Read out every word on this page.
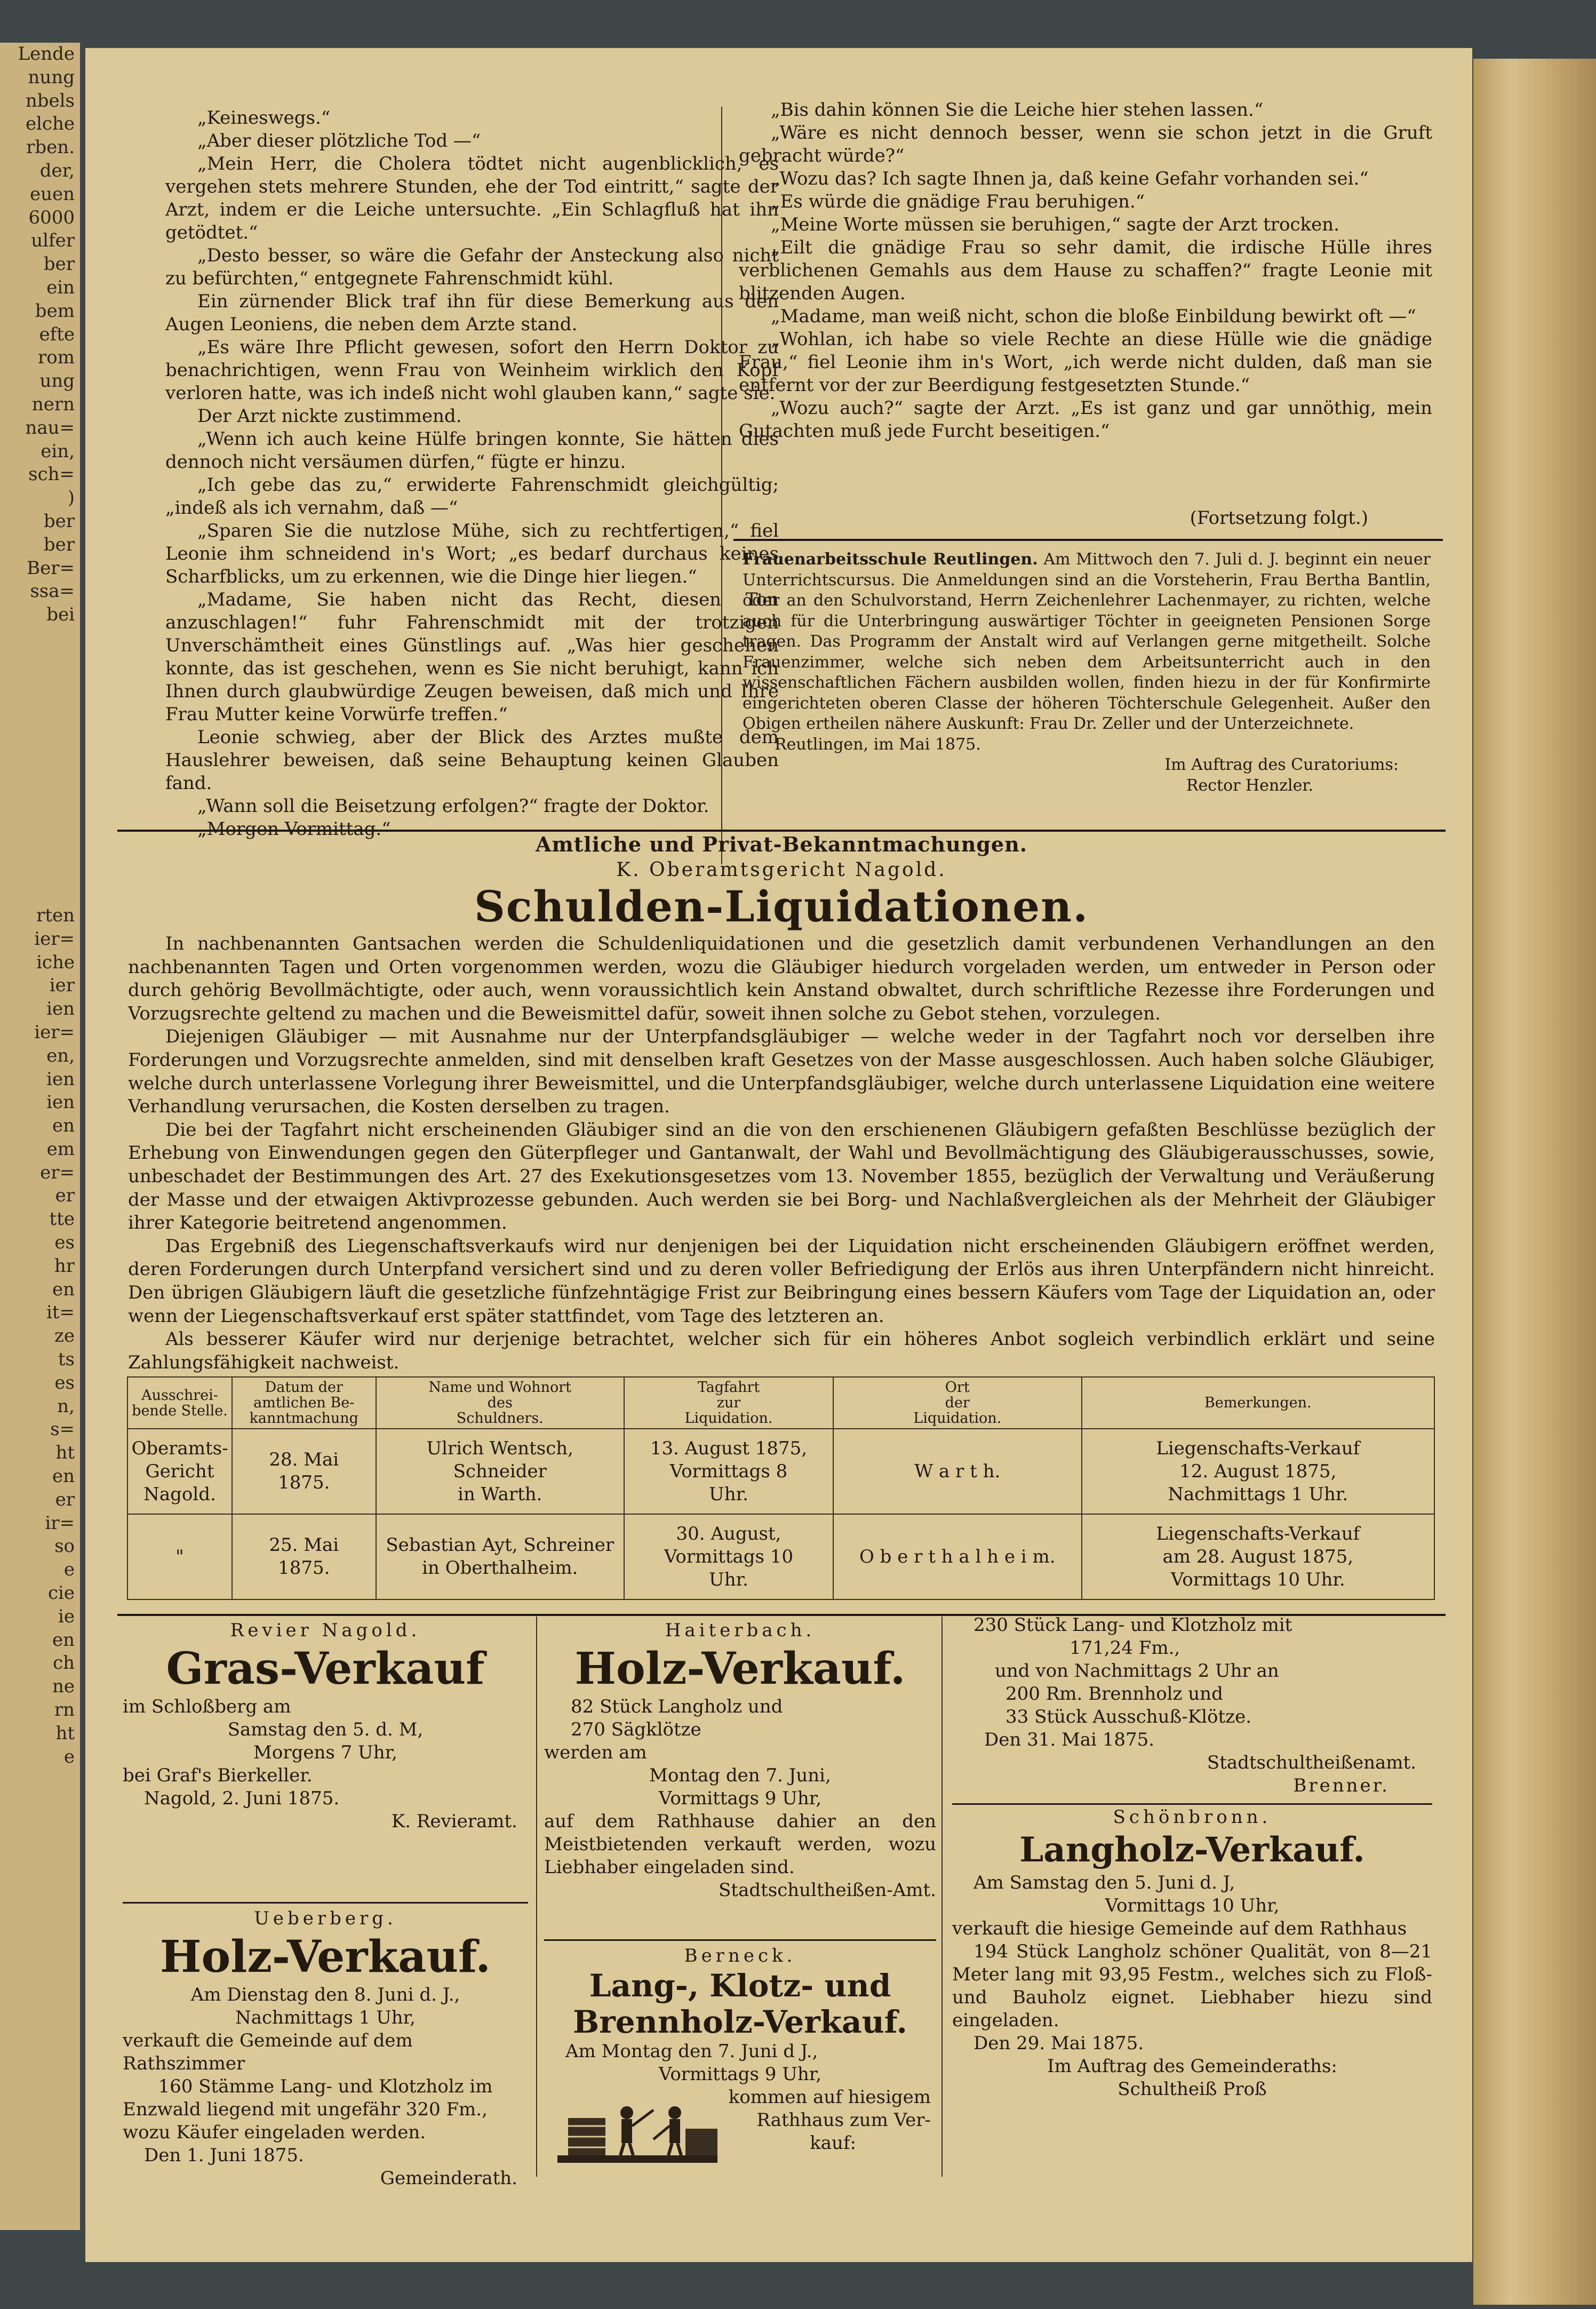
Lende
nung
nbels
elche
rben.
der,
euen
6000
ulfer
ber
ein
bem
efte
rom
ung
nern
nau=
ein,
sch=
)
ber
ber
Ber=
ssa=
bei
rten
ier=
iche
ier
ien
ier=
en,
ien
ien
en
em
er=
er
tte
es
hr
en
it=
ze
ts
es
n,
s=
ht
en
er
ir=
so
e
cie
ie
en
ch
ne
rn
ht
e

„Keineswegs.“

„Aber dieser plötzliche Tod —“

„Mein Herr, die Cholera tödtet nicht augenblicklich, es vergehen stets mehrere Stunden, ehe der Tod eintritt,“ sagte der Arzt, indem er die Leiche untersuchte. „Ein Schlagfluß hat ihn getödtet.“

„Desto besser, so wäre die Gefahr der Ansteckung also nicht zu befürchten,“ entgegnete Fahrenschmidt kühl.

Ein zürnender Blick traf ihn für diese Bemerkung aus den Augen Leoniens, die neben dem Arzte stand.

„Es wäre Ihre Pflicht gewesen, sofort den Herrn Doktor zu benachrichtigen, wenn Frau von Weinheim wirklich den Kopf verloren hatte, was ich indeß nicht wohl glauben kann,“ sagte sie.

Der Arzt nickte zustimmend.

„Wenn ich auch keine Hülfe bringen konnte, Sie hätten dies dennoch nicht versäumen dürfen,“ fügte er hinzu.

„Ich gebe das zu,“ erwiderte Fahrenschmidt gleichgültig; „indeß als ich vernahm, daß —“

„Sparen Sie die nutzlose Mühe, sich zu rechtfertigen,“ fiel Leonie ihm schneidend in's Wort; „es bedarf durchaus keines Scharfblicks, um zu erkennen, wie die Dinge hier liegen.“

„Madame, Sie haben nicht das Recht, diesen Ton anzuschlagen!“ fuhr Fahrenschmidt mit der trotzigen Unverschämtheit eines Günstlings auf. „Was hier geschehen konnte, das ist geschehen, wenn es Sie nicht beruhigt, kann ich Ihnen durch glaubwürdige Zeugen beweisen, daß mich und Ihre Frau Mutter keine Vorwürfe treffen.“

Leonie schwieg, aber der Blick des Arztes mußte dem Hauslehrer beweisen, daß seine Behauptung keinen Glauben fand.

„Wann soll die Beisetzung erfolgen?“ fragte der Doktor.

„Morgen Vormittag.“

„Bis dahin können Sie die Leiche hier stehen lassen.“

„Wäre es nicht dennoch besser, wenn sie schon jetzt in die Gruft gebracht würde?“

„Wozu das? Ich sagte Ihnen ja, daß keine Gefahr vorhanden sei.“

„Es würde die gnädige Frau beruhigen.“

„Meine Worte müssen sie beruhigen,“ sagte der Arzt trocken.

„Eilt die gnädige Frau so sehr damit, die irdische Hülle ihres verblichenen Gemahls aus dem Hause zu schaffen?“ fragte Leonie mit blitzenden Augen.

„Madame, man weiß nicht, schon die bloße Einbildung bewirkt oft —“

„Wohlan, ich habe so viele Rechte an diese Hülle wie die gnädige Frau,“ fiel Leonie ihm in's Wort, „ich werde nicht dulden, daß man sie entfernt vor der zur Beerdigung festgesetzten Stunde.“

„Wozu auch?“ sagte der Arzt. „Es ist ganz und gar unnöthig, mein Gutachten muß jede Furcht beseitigen.“

(Fortsetzung folgt.)

Frauenarbeitsschule Reutlingen. Am Mittwoch den 7. Juli d. J. beginnt ein neuer Unterrichtscursus. Die Anmeldungen sind an die Vorsteherin, Frau Bertha Bantlin, oder an den Schulvorstand, Herrn Zeichenlehrer Lachenmayer, zu richten, welche auch für die Unterbringung auswärtiger Töchter in geeigneten Pensionen Sorge tragen. Das Programm der Anstalt wird auf Verlangen gerne mitgetheilt. Solche Frauenzimmer, welche sich neben dem Arbeitsunterricht auch in den wissenschaftlichen Fächern ausbilden wollen, finden hiezu in der für Konfirmirte eingerichteten oberen Classe der höheren Töchterschule Gelegenheit. Außer den Obigen ertheilen nähere Auskunft: Frau Dr. Zeller und der Unterzeichnete.

Reutlingen, im Mai 1875.

Im Auftrag des Curatoriums:
Rector Henzler.
Amtliche und Privat-Bekanntmachungen.
K. Oberamtsgericht Nagold.
Schulden-Liquidationen.

In nachbenannten Gantsachen werden die Schuldenliquidationen und die gesetzlich damit verbundenen Verhandlungen an den nachbenannten Tagen und Orten vorgenommen werden, wozu die Gläubiger hiedurch vorgeladen werden, um entweder in Person oder durch gehörig Bevollmächtigte, oder auch, wenn voraussichtlich kein Anstand obwaltet, durch schriftliche Rezesse ihre Forderungen und Vorzugsrechte geltend zu machen und die Beweismittel dafür, soweit ihnen solche zu Gebot stehen, vorzulegen.

Diejenigen Gläubiger — mit Ausnahme nur der Unterpfandsgläubiger — welche weder in der Tagfahrt noch vor derselben ihre Forderungen und Vorzugsrechte anmelden, sind mit denselben kraft Gesetzes von der Masse ausgeschlossen. Auch haben solche Gläubiger, welche durch unterlassene Vorlegung ihrer Beweismittel, und die Unterpfandsgläubiger, welche durch unterlassene Liquidation eine weitere Verhandlung verursachen, die Kosten derselben zu tragen.

Die bei der Tagfahrt nicht erscheinenden Gläubiger sind an die von den erschienenen Gläubigern gefaßten Beschlüsse bezüglich der Erhebung von Einwendungen gegen den Güterpfleger und Gantanwalt, der Wahl und Bevollmächtigung des Gläubigerausschusses, sowie, unbeschadet der Bestimmungen des Art. 27 des Exekutionsgesetzes vom 13. November 1855, bezüglich der Verwaltung und Veräußerung der Masse und der etwaigen Aktivprozesse gebunden. Auch werden sie bei Borg- und Nachlaßvergleichen als der Mehrheit der Gläubiger ihrer Kategorie beitretend angenommen.

Das Ergebniß des Liegenschaftsverkaufs wird nur denjenigen bei der Liquidation nicht erscheinenden Gläubigern eröffnet werden, deren Forderungen durch Unterpfand versichert sind und zu deren voller Befriedigung der Erlös aus ihren Unterpfändern nicht hinreicht. Den übrigen Gläubigern läuft die gesetzliche fünfzehntägige Frist zur Beibringung eines bessern Käufers vom Tage der Liquidation an, oder wenn der Liegenschaftsverkauf erst später stattfindet, vom Tage des letzteren an.

Als besserer Käufer wird nur derjenige betrachtet, welcher sich für ein höheres Anbot sogleich verbindlich erklärt und seine Zahlungsfähigkeit nachweist.

Ausschrei-
bende Stelle.	Datum der
amtlichen Be-
kanntmachung	Name und Wohnort
des
Schuldners.	Tagfahrt
zur
Liquidation.	Ort
der
Liquidation.	Bemerkungen.
Oberamts-
Gericht
Nagold.	28. Mai
1875.	Ulrich Wentsch, Schneider
in Warth.	13. August 1875,
Vormittags 8
Uhr.	W a r t h.	Liegenschafts-Verkauf
12. August 1875,
Nachmittags 1 Uhr.
"	25. Mai
1875.	Sebastian Ayt, Schreiner
in Oberthalheim.	30. August,
Vormittags 10
Uhr.	O b e r t h a l h e i m.	Liegenschafts-Verkauf
am 28. August 1875,
Vormittags 10 Uhr.
Revier Nagold.
Gras-Verkauf
im Schloßberg am
Samstag den 5. d. M,
Morgens 7 Uhr,
bei Graf's Bierkeller.
Nagold, 2. Juni 1875.
K. Revieramt.
Ueberberg.
Holz-Verkauf.
Am Dienstag den 8. Juni d. J.,
Nachmittags 1 Uhr,
verkauft die Gemeinde auf dem Rathszimmer
160 Stämme Lang- und Klotzholz im
Enzwald liegend mit ungefähr 320 Fm.,
wozu Käufer eingeladen werden.
Den 1. Juni 1875.
Gemeinderath.
Haiterbach.
Holz-Verkauf.
82 Stück Langholz und
270 Sägklötze
werden am
Montag den 7. Juni,
Vormittags 9 Uhr,
auf dem Rathhause dahier an den Meistbietenden verkauft werden, wozu Liebhaber eingeladen sind.
Stadtschultheißen-Amt.
Berneck.
Lang-, Klotz- und
Brennholz-Verkauf.
Am Montag den 7. Juni d J.,
Vormittags 9 Uhr,
kommen auf hiesigem
Rathhaus zum Ver-
kauf:
230 Stück Lang- und Klotzholz mit
171,24 Fm.,
und von Nachmittags 2 Uhr an
200 Rm. Brennholz und
33 Stück Ausschuß-Klötze.
Den 31. Mai 1875.
Stadtschultheißenamt.
Brenner.
Schönbronn.
Langholz-Verkauf.
Am Samstag den 5. Juni d. J,
Vormittags 10 Uhr,
verkauft die hiesige Gemeinde auf dem Rathhaus
194 Stück Langholz schöner Qualität, von 8—21 Meter lang mit 93,95 Festm., welches sich zu Floß- und Bauholz eignet. Liebhaber hiezu sind eingeladen.
Den 29. Mai 1875.
Im Auftrag des Gemeinderaths:
Schultheiß Proß
